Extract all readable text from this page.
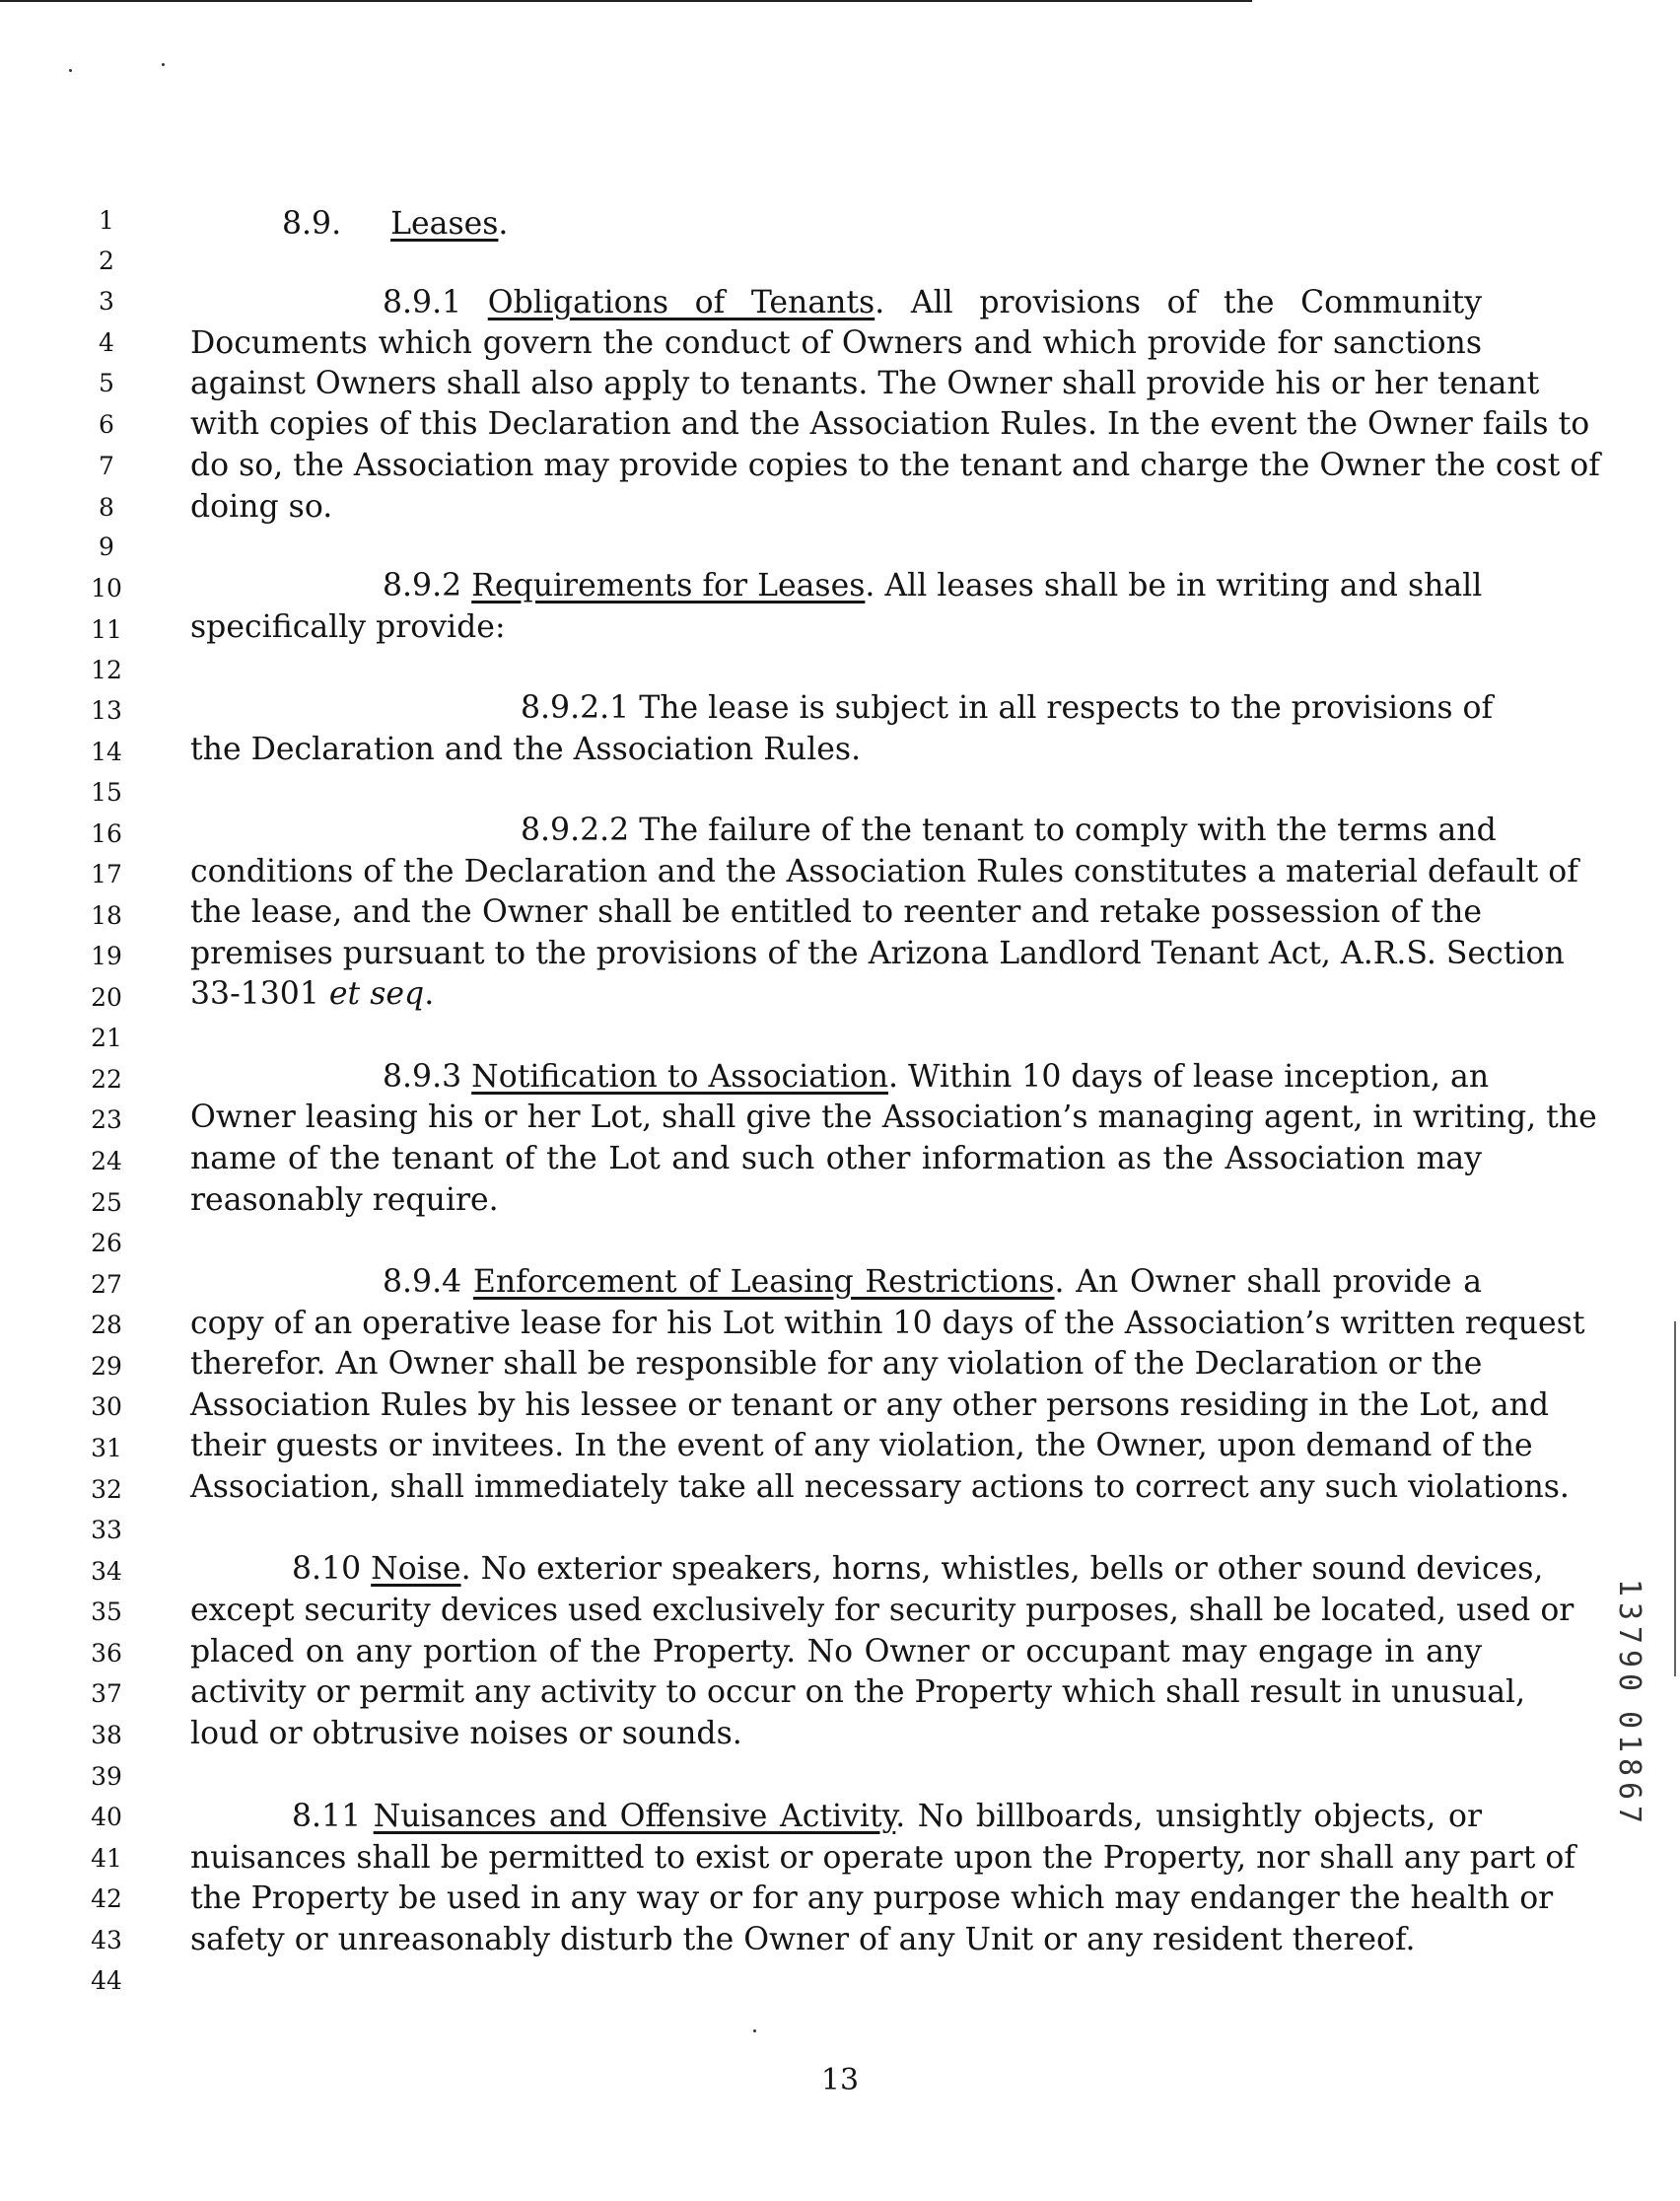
1
2
3
4
5
6
7
8
9
10
11
12
13
14
15
16
17
18
19
20
21
22
23
24
25
26
27
28
29
30
31
32
33
34
35
36
37
38
39
40
41
42
43
44
8.9. Leases.
8.9.1 Obligations of Tenants. All provisions of the Community
Documents which govern the conduct of Owners and which provide for sanctions
against Owners shall also apply to tenants. The Owner shall provide his or her tenant
with copies of this Declaration and the Association Rules. In the event the Owner fails to
do so, the Association may provide copies to the tenant and charge the Owner the cost of
doing so.
8.9.2 Requirements for Leases. All leases shall be in writing and shall
specifically provide:
8.9.2.1 The lease is subject in all respects to the provisions of
the Declaration and the Association Rules.
8.9.2.2 The failure of the tenant to comply with the terms and
conditions of the Declaration and the Association Rules constitutes a material default of
the lease, and the Owner shall be entitled to reenter and retake possession of the
premises pursuant to the provisions of the Arizona Landlord Tenant Act, A.R.S. Section
33-1301 et seq.
8.9.3 Notification to Association. Within 10 days of lease inception, an
Owner leasing his or her Lot, shall give the Association’s managing agent, in writing, the
name of the tenant of the Lot and such other information as the Association may
reasonably require.
8.9.4 Enforcement of Leasing Restrictions. An Owner shall provide a
copy of an operative lease for his Lot within 10 days of the Association’s written request
therefor. An Owner shall be responsible for any violation of the Declaration or the
Association Rules by his lessee or tenant or any other persons residing in the Lot, and
their guests or invitees. In the event of any violation, the Owner, upon demand of the
Association, shall immediately take all necessary actions to correct any such violations.
8.10 Noise. No exterior speakers, horns, whistles, bells or other sound devices,
except security devices used exclusively for security purposes, shall be located, used or
placed on any portion of the Property. No Owner or occupant may engage in any
activity or permit any activity to occur on the Property which shall result in unusual,
loud or obtrusive noises or sounds.
8.11 Nuisances and Offensive Activity. No billboards, unsightly objects, or
nuisances shall be permitted to exist or operate upon the Property, nor shall any part of
the Property be used in any way or for any purpose which may endanger the health or
safety or unreasonably disturb the Owner of any Unit or any resident thereof.
13
1
3
7
9
0
0
1
8
6
7
